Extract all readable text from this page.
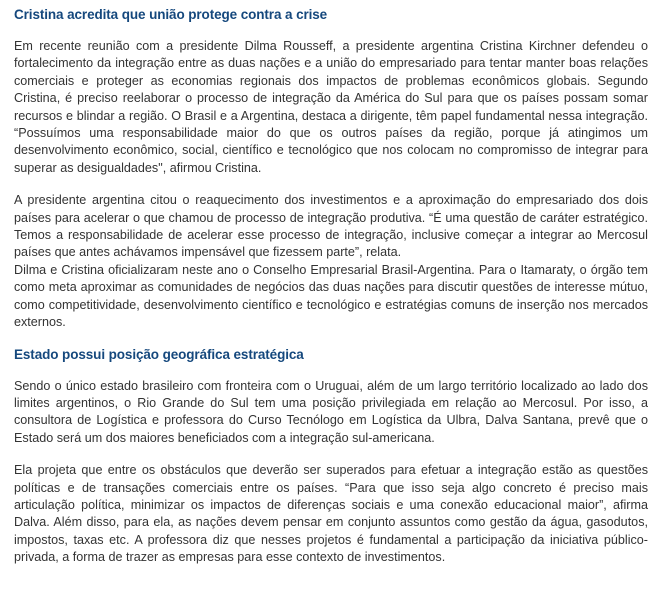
Cristina acredita que união protege contra a crise

Em recente reunião com a presidente Dilma Rousseff, a presidente argentina Cristina Kirchner defendeu o fortalecimento da integração entre as duas nações e a união do empresariado para tentar manter boas relações comerciais e proteger as economias regionais dos impactos de problemas econômicos globais. Segundo Cristina, é preciso reelaborar o processo de integração da América do Sul para que os países possam somar recursos e blindar a região. O Brasil e a Argentina, destaca a dirigente, têm papel fundamental nessa integração. “Possuímos uma responsabilidade maior do que os outros países da região, porque já atingimos um desenvolvimento econômico, social, científico e tecnológico que nos colocam no compromisso de integrar para superar as desigualdades", afirmou Cristina.

A presidente argentina citou o reaquecimento dos investimentos e a aproximação do empresariado dos dois países para acelerar o que chamou de processo de integração produtiva. “É uma questão de caráter estratégico. Temos a responsabilidade de acelerar esse processo de integração, inclusive começar a integrar ao Mercosul países que antes achávamos impensável que fizessem parte”, relata.

Dilma e Cristina oficializaram neste ano o Conselho Empresarial Brasil-Argentina. Para o Itamaraty, o órgão tem como meta aproximar as comunidades de negócios das duas nações para discutir questões de interesse mútuo, como competitividade, desenvolvimento científico e tecnológico e estratégias comuns de inserção nos mercados externos.

Estado possui posição geográfica estratégica

Sendo o único estado brasileiro com fronteira com o Uruguai, além de um largo território localizado ao lado dos limites argentinos, o Rio Grande do Sul tem uma posição privilegiada em relação ao Mercosul. Por isso, a consultora de Logística e professora do Curso Tecnólogo em Logística da Ulbra, Dalva Santana, prevê que o Estado será um dos maiores beneficiados com a integração sul-americana.

Ela projeta que entre os obstáculos que deverão ser superados para efetuar a integração estão as questões políticas e de transações comerciais entre os países. “Para que isso seja algo concreto é preciso mais articulação política, minimizar os impactos de diferenças sociais e uma conexão educacional maior”, afirma Dalva. Além disso, para ela, as nações devem pensar em conjunto assuntos como gestão da água, gasodutos, impostos, taxas etc. A professora diz que nesses projetos é fundamental a participação da iniciativa público-privada, a forma de trazer as empresas para esse contexto de investimentos.
